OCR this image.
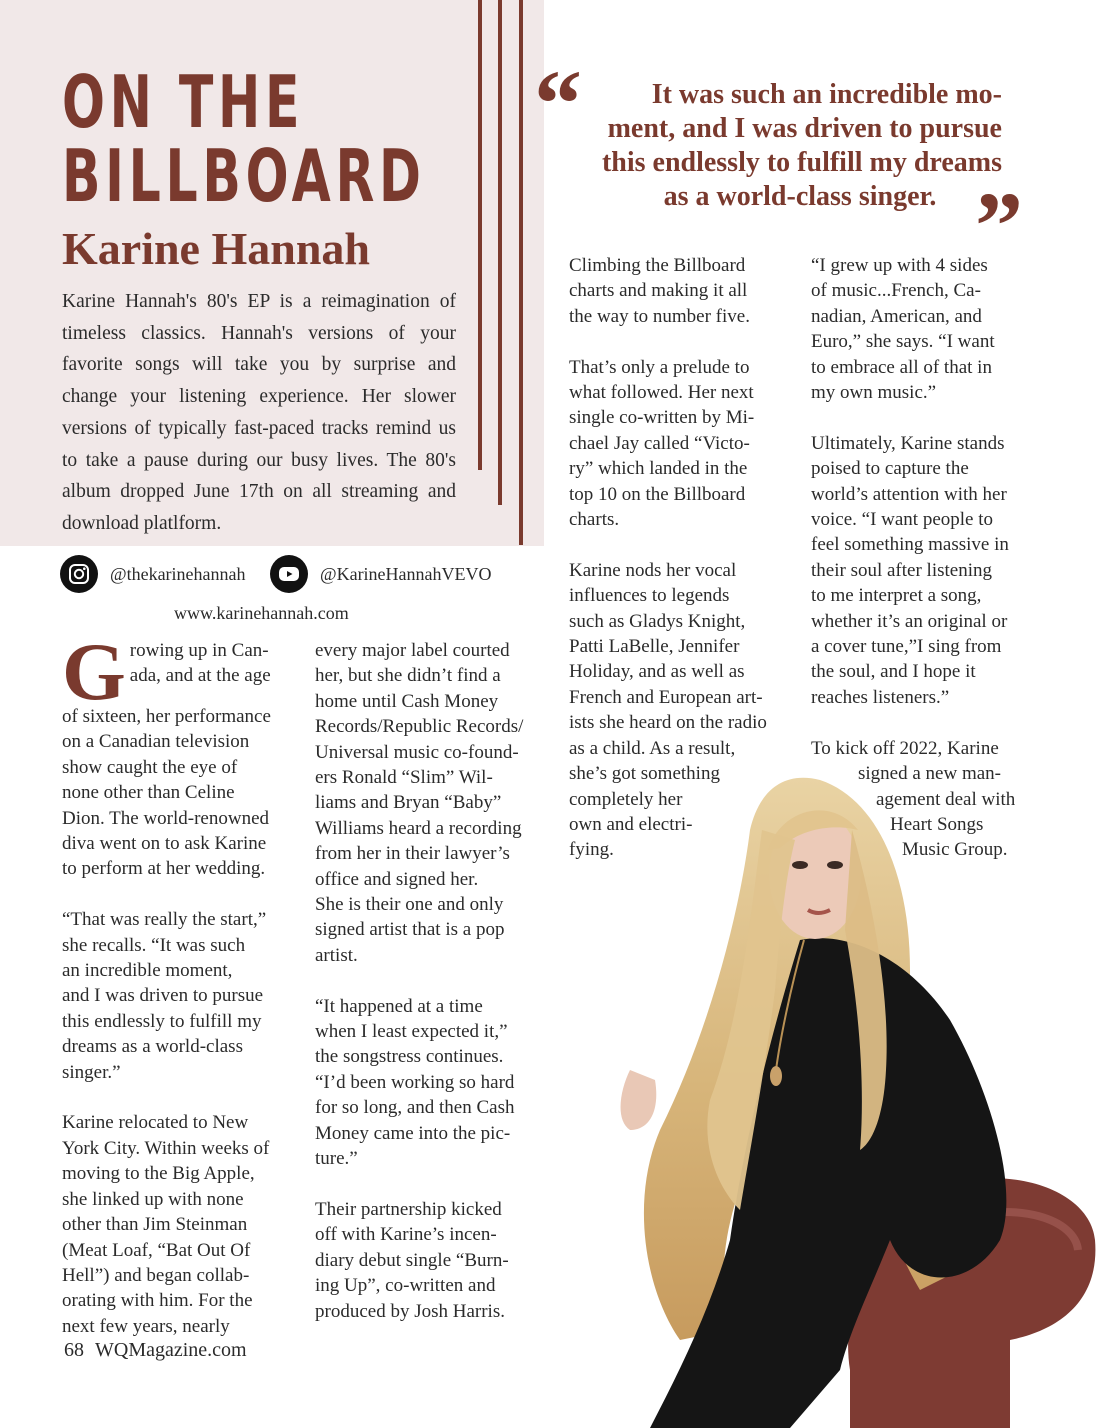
ON THE
BILLBOARD
Karine Hannah
Karine Hannah's 80's EP is a reimagination of timeless classics. Hannah's versions of your favorite songs will take you by surprise and change your listening experience. Her slower versions of typically fast-paced tracks remind us to take a pause during our busy lives. The 80's album dropped June 17th on all streaming and download platlform.
“	It was such an incredible mo-
ment, and I was driven to pursue
this endlessly to fulfill my dreams
as a world-class singer. ”
@thekarinehannah	@KarineHannahVEVO
www.karinehannah.com

G rowing up in Can-
ada, and at the age
of sixteen, her performance
on a Canadian television
show caught the eye of
none other than Celine
Dion. The world-renowned
diva went on to ask Karine
to perform at her wedding.

“That was really the start,”
she recalls. “It was such
an incredible moment,
and I was driven to pursue
this endlessly to fulfill my
dreams as a world-class
singer.”

Karine relocated to New
York City. Within weeks of
moving to the Big Apple,
she linked up with none
other than Jim Steinman
(Meat Loaf, “Bat Out Of
Hell”) and began collab-
orating with him. For the
next few years, nearly

every major label courted
her, but she didn’t find a
home until Cash Money
Records/Republic Records/
Universal music co-found-
ers Ronald “Slim” Wil-
liams and Bryan “Baby”
Williams heard a recording
from her in their lawyer’s
office and signed her.
She is their one and only
signed artist that is a pop
artist.

“It happened at a time
when I least expected it,”
the songstress continues.
“I’d been working so hard
for so long, and then Cash
Money came into the pic-
ture.”

Their partnership kicked
off with Karine’s incen-
diary debut single “Burn-
ing Up”, co-written and
produced by Josh Harris.

Climbing the Billboard
charts and making it all
the way to number five.

That’s only a prelude to
what followed. Her next
single co-written by Mi-
chael Jay called “Victo-
ry” which landed in the
top 10 on the Billboard
charts.

Karine nods her vocal
influences to legends
such as Gladys Knight,
Patti LaBelle, Jennifer
Holiday, and as well as
French and European art-
ists she heard on the radio
as a child. As a result,
she’s got something
completely her
own and electri-
fying.

“I grew up with 4 sides
of music...French, Ca-
nadian, American, and
Euro,” she says. “I want
to embrace all of that in
my own music.”

Ultimately, Karine stands
poised to capture the
world’s attention with her
voice. “I want people to
feel something massive in
their soul after listening
to me interpret a song,
whether it’s an original or
a cover tune,”I sing from
the soul, and I hope it
reaches listeners.”

To kick off 2022, Karine
signed a new man-
agement deal with
Heart Songs
Music Group.

68 WQMagazine.com
